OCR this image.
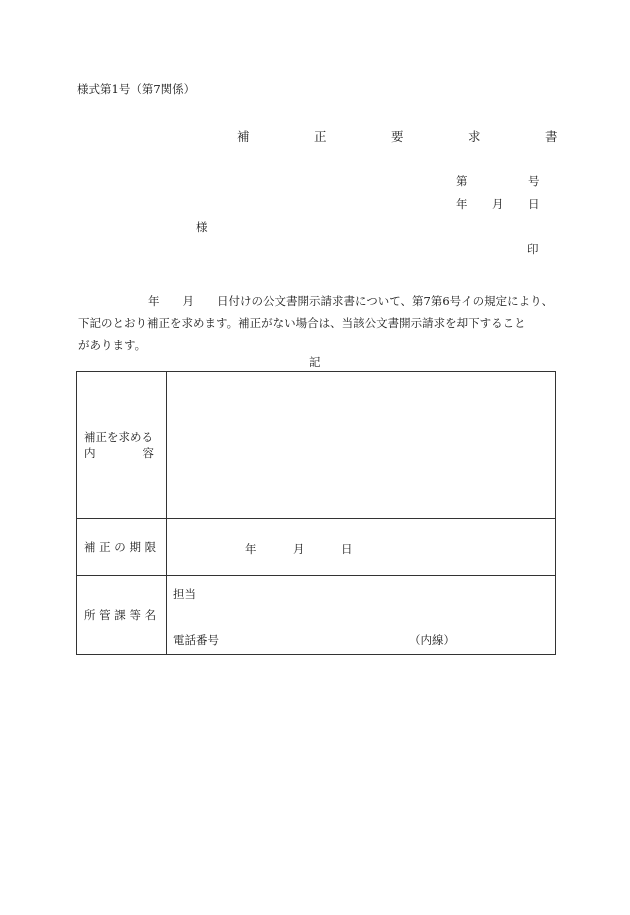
様式第1号（第7関係）
補　正　要　求　書
第	号
年 月 日
様
印
年　　月　　日付けの公文書開示請求書について、第7第6号イの規定により、
下記のとおり補正を求めます。補正がない場合は、当該公文書開示請求を却下すること
があります。
記
補正を求める
内 容	

補 正 の 期 限	年 月 日

所 管 課 等 名	担当
電話番号 （内線）
